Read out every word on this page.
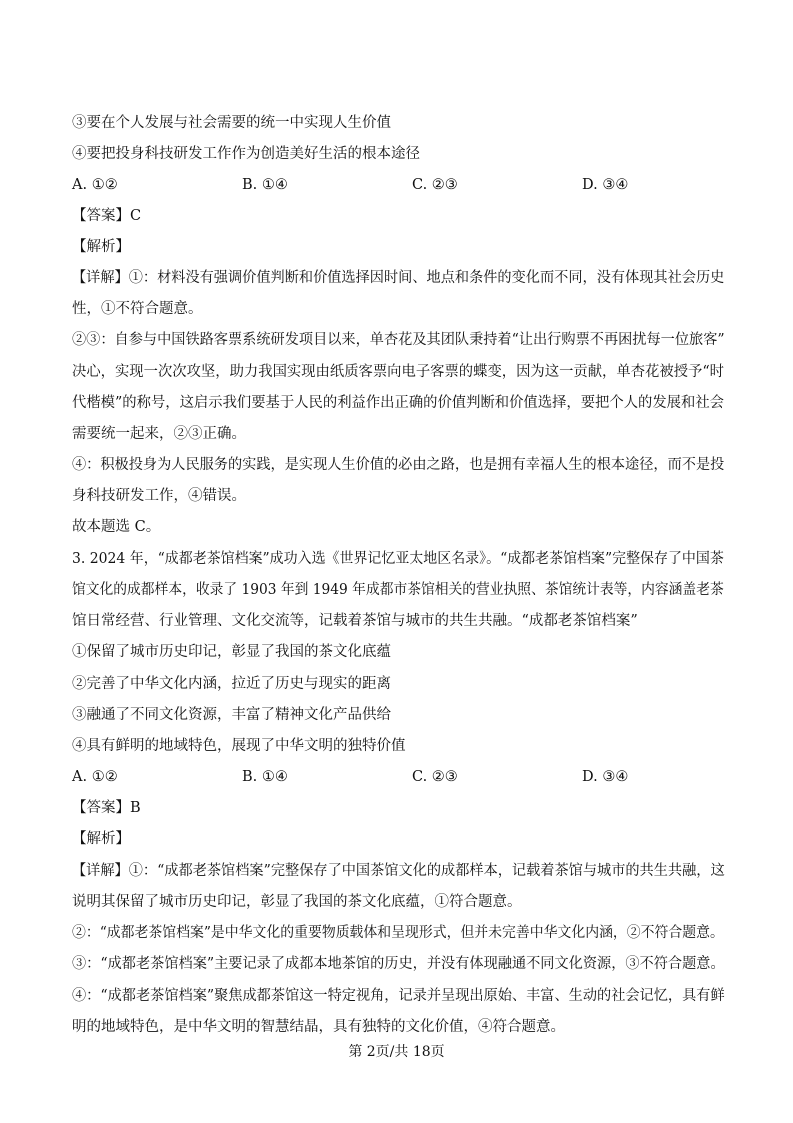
③要在个人发展与社会需要的统一中实现人生价值
④要把投身科技研发工作作为创造美好生活的根本途径
A. ①②	B. ①④	C. ②③	D. ③④
【答案】C
【解析】
【详解】①：材料没有强调价值判断和价值选择因时间、地点和条件的变化而不同，没有体现其社会历史
性，①不符合题意。
②③：自参与中国铁路客票系统研发项目以来，单杏花及其团队秉持着“让出行购票不再困扰每一位旅客”
决心，实现一次次攻坚，助力我国实现由纸质客票向电子客票的蝶变，因为这一贡献，单杏花被授予“时
代楷模”的称号，这启示我们要基于人民的利益作出正确的价值判断和价值选择，要把个人的发展和社会
需要统一起来，②③正确。
④：积极投身为人民服务的实践，是实现人生价值的必由之路，也是拥有幸福人生的根本途径，而不是投
身科技研发工作，④错误。
故本题选 C。
3. 2024 年，“成都老茶馆档案”成功入选《世界记忆亚太地区名录》。“成都老茶馆档案”完整保存了中国茶
馆文化的成都样本，收录了 1903 年到 1949 年成都市茶馆相关的营业执照、茶馆统计表等，内容涵盖老茶
馆日常经营、行业管理、文化交流等，记载着茶馆与城市的共生共融。“成都老茶馆档案”
①保留了城市历史印记，彰显了我国的茶文化底蕴
②完善了中华文化内涵，拉近了历史与现实的距离
③融通了不同文化资源，丰富了精神文化产品供给
④具有鲜明的地域特色，展现了中华文明的独特价值
A. ①②	B. ①④	C. ②③	D. ③④
【答案】B
【解析】
【详解】①：“成都老茶馆档案”完整保存了中国茶馆文化的成都样本，记载着茶馆与城市的共生共融，这
说明其保留了城市历史印记，彰显了我国的茶文化底蕴，①符合题意。
②：“成都老茶馆档案”是中华文化的重要物质载体和呈现形式，但并未完善中华文化内涵，②不符合题意。
③：“成都老茶馆档案”主要记录了成都本地茶馆的历史，并没有体现融通不同文化资源，③不符合题意。
④：“成都老茶馆档案”聚焦成都茶馆这一特定视角，记录并呈现出原始、丰富、生动的社会记忆，具有鲜
明的地域特色，是中华文明的智慧结晶，具有独特的文化价值，④符合题意。
第 2页/共 18页
